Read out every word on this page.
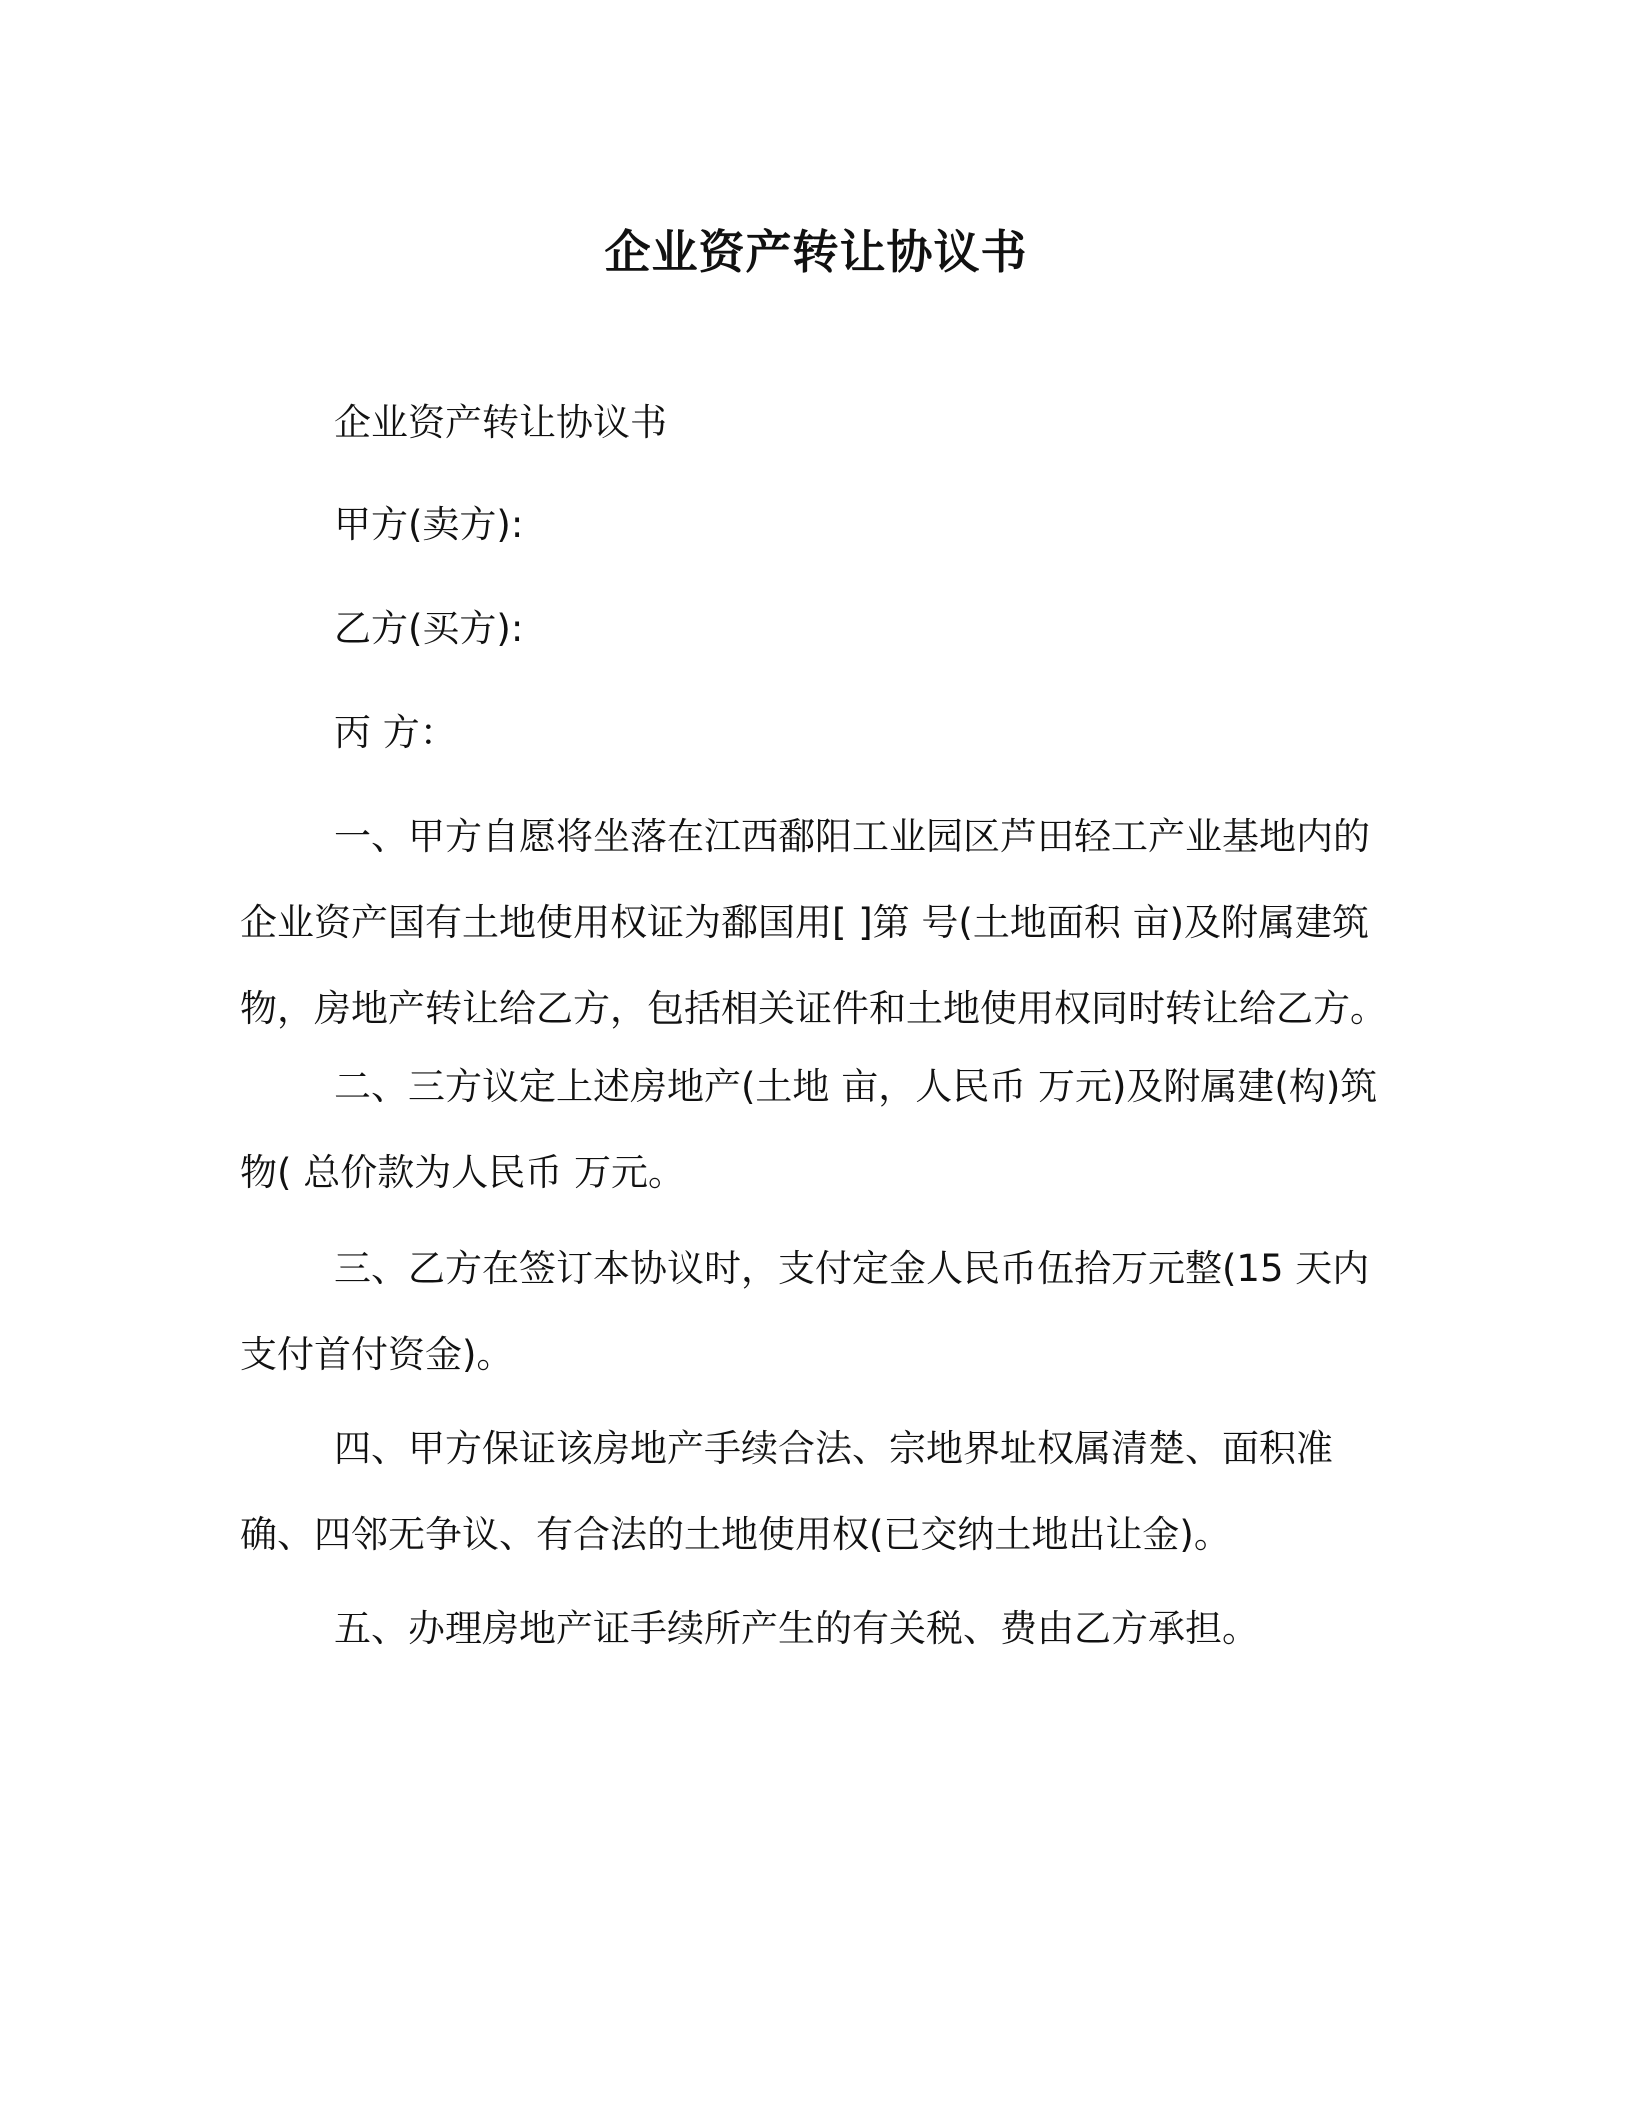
企业资产转让协议书

企业资产转让协议书

甲方(卖方):

乙方(买方):

丙 方：

一、甲方自愿将坐落在江西鄱阳工业园区芦田轻工产业基地内的企业资产国有土地使用权证为鄱国用[ ]第 号(土地面积 亩)及附属建筑物，房地产转让给乙方，包括相关证件和土地使用权同时转让给乙方。

二、三方议定上述房地产(土地 亩，人民币 万元)及附属建(构)筑物( 总价款为人民币 万元。

三、乙方在签订本协议时，支付定金人民币伍拾万元整(15 天内支付首付资金)。

四、甲方保证该房地产手续合法、宗地界址权属清楚、面积准确、四邻无争议、有合法的土地使用权(已交纳土地出让金)。

五、办理房地产证手续所产生的有关税、费由乙方承担。
